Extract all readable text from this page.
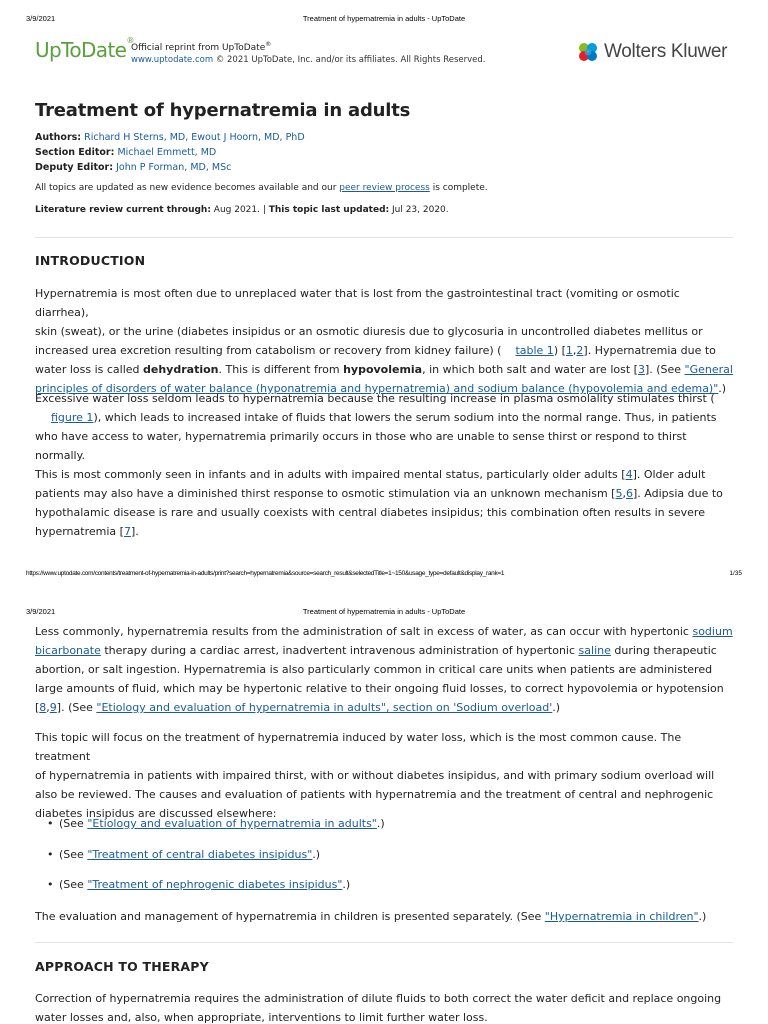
3/9/2021	Treatment of hypernatremia in adults - UpToDate
UpToDate®
Official reprint from UpToDate®
www.uptodate.com © 2021 UpToDate, Inc. and/or its affiliates. All Rights Reserved.	Wolters Kluwer
Treatment of hypernatremia in adults
Authors: Richard H Sterns, MD, Ewout J Hoorn, MD, PhD
Section Editor: Michael Emmett, MD
Deputy Editor: John P Forman, MD, MSc
All topics are updated as new evidence becomes available and our peer review process is complete.
Literature review current through: Aug 2021. | This topic last updated: Jul 23, 2020.
INTRODUCTION
Hypernatremia is most often due to unreplaced water that is lost from the gastrointestinal tract (vomiting or osmotic diarrhea),
skin (sweat), or the urine (diabetes insipidus or an osmotic diuresis due to glycosuria in uncontrolled diabetes mellitus or
increased urea excretion resulting from catabolism or recovery from kidney failure) ( table 1) [1,2]. Hypernatremia due to
water loss is called dehydration. This is different from hypovolemia, in which both salt and water are lost [3]. (See "General
principles of disorders of water balance (hyponatremia and hypernatremia) and sodium balance (hypovolemia and edema)".)
Excessive water loss seldom leads to hypernatremia because the resulting increase in plasma osmolality stimulates thirst (
figure 1), which leads to increased intake of fluids that lowers the serum sodium into the normal range. Thus, in patients
who have access to water, hypernatremia primarily occurs in those who are unable to sense thirst or respond to thirst normally.
This is most commonly seen in infants and in adults with impaired mental status, particularly older adults [4]. Older adult
patients may also have a diminished thirst response to osmotic stimulation via an unknown mechanism [5,6]. Adipsia due to
hypothalamic disease is rare and usually coexists with central diabetes insipidus; this combination often results in severe
hypernatremia [7].
https://www.uptodate.com/contents/treatment-of-hypernatremia-in-adults/print?search=hypernatremia&source=search_result&selectedTitle=1~150&usage_type=default&display_rank=1	1/35
3/9/2021	Treatment of hypernatremia in adults - UpToDate
Less commonly, hypernatremia results from the administration of salt in excess of water, as can occur with hypertonic sodium
bicarbonate therapy during a cardiac arrest, inadvertent intravenous administration of hypertonic saline during therapeutic
abortion, or salt ingestion. Hypernatremia is also particularly common in critical care units when patients are administered
large amounts of fluid, which may be hypertonic relative to their ongoing fluid losses, to correct hypovolemia or hypotension
[8,9]. (See "Etiology and evaluation of hypernatremia in adults", section on 'Sodium overload'.)
This topic will focus on the treatment of hypernatremia induced by water loss, which is the most common cause. The treatment
of hypernatremia in patients with impaired thirst, with or without diabetes insipidus, and with primary sodium overload will
also be reviewed. The causes and evaluation of patients with hypernatremia and the treatment of central and nephrogenic
diabetes insipidus are discussed elsewhere:
• (See "Etiology and evaluation of hypernatremia in adults".)
• (See "Treatment of central diabetes insipidus".)
• (See "Treatment of nephrogenic diabetes insipidus".)
The evaluation and management of hypernatremia in children is presented separately. (See "Hypernatremia in children".)
APPROACH TO THERAPY
Correction of hypernatremia requires the administration of dilute fluids to both correct the water deficit and replace ongoing
water losses and, also, when appropriate, interventions to limit further water loss.
